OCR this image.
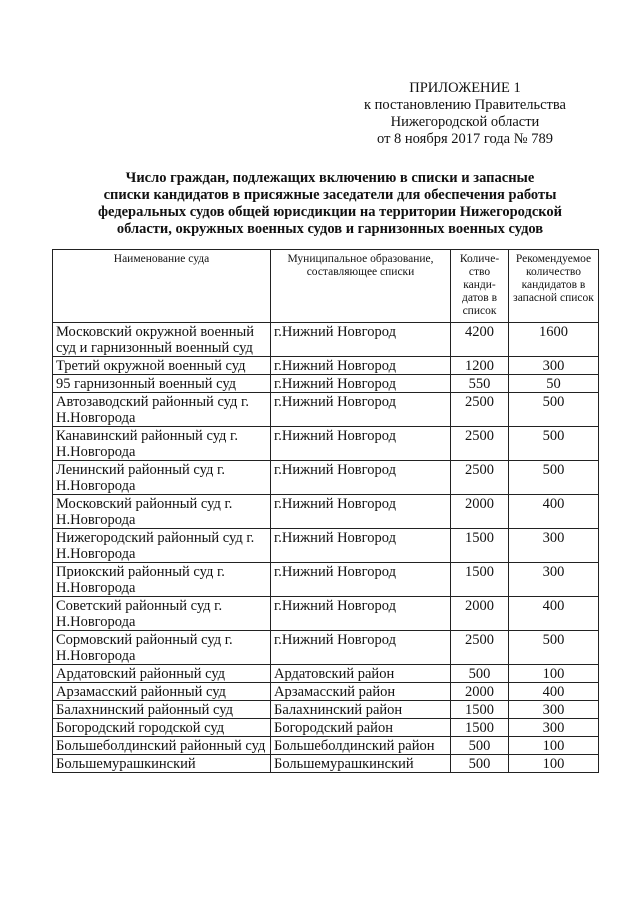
ПРИЛОЖЕНИЕ 1
к постановлению Правительства
Нижегородской области
от 8 ноября 2017 года № 789
Число граждан, подлежащих включению в списки и запасные
списки кандидатов в присяжные заседатели для обеспечения работы
федеральных судов общей юрисдикции на территории Нижегородской
области, окружных военных судов и гарнизонных военных судов
Наименование суда	Муниципальное образование, составляющее списки	Количе-ство канди-датов в список	Рекомендуемое количество кандидатов в запасной список
Московский окружной военный суд и гарнизонный военный суд	г.Нижний Новгород	4200	1600
Третий окружной военный суд	г.Нижний Новгород	1200	300
95 гарнизонный военный суд	г.Нижний Новгород	550	50
Автозаводский районный суд г. Н.Новгорода	г.Нижний Новгород	2500	500
Канавинский районный суд г. Н.Новгорода	г.Нижний Новгород	2500	500
Ленинский районный суд г. Н.Новгорода	г.Нижний Новгород	2500	500
Московский районный суд г. Н.Новгорода	г.Нижний Новгород	2000	400
Нижегородский районный суд г. Н.Новгорода	г.Нижний Новгород	1500	300
Приокский районный суд г. Н.Новгорода	г.Нижний Новгород	1500	300
Советский районный суд г. Н.Новгорода	г.Нижний Новгород	2000	400
Сормовский районный суд г. Н.Новгорода	г.Нижний Новгород	2500	500
Ардатовский районный суд	Ардатовский район	500	100
Арзамасский районный суд	Арзамасский район	2000	400
Балахнинский районный суд	Балахнинский район	1500	300
Богородский городской суд	Богородский район	1500	300
Большеболдинский районный суд	Большеболдинский район	500	100
Большемурашкинский	Большемурашкинский	500	100
